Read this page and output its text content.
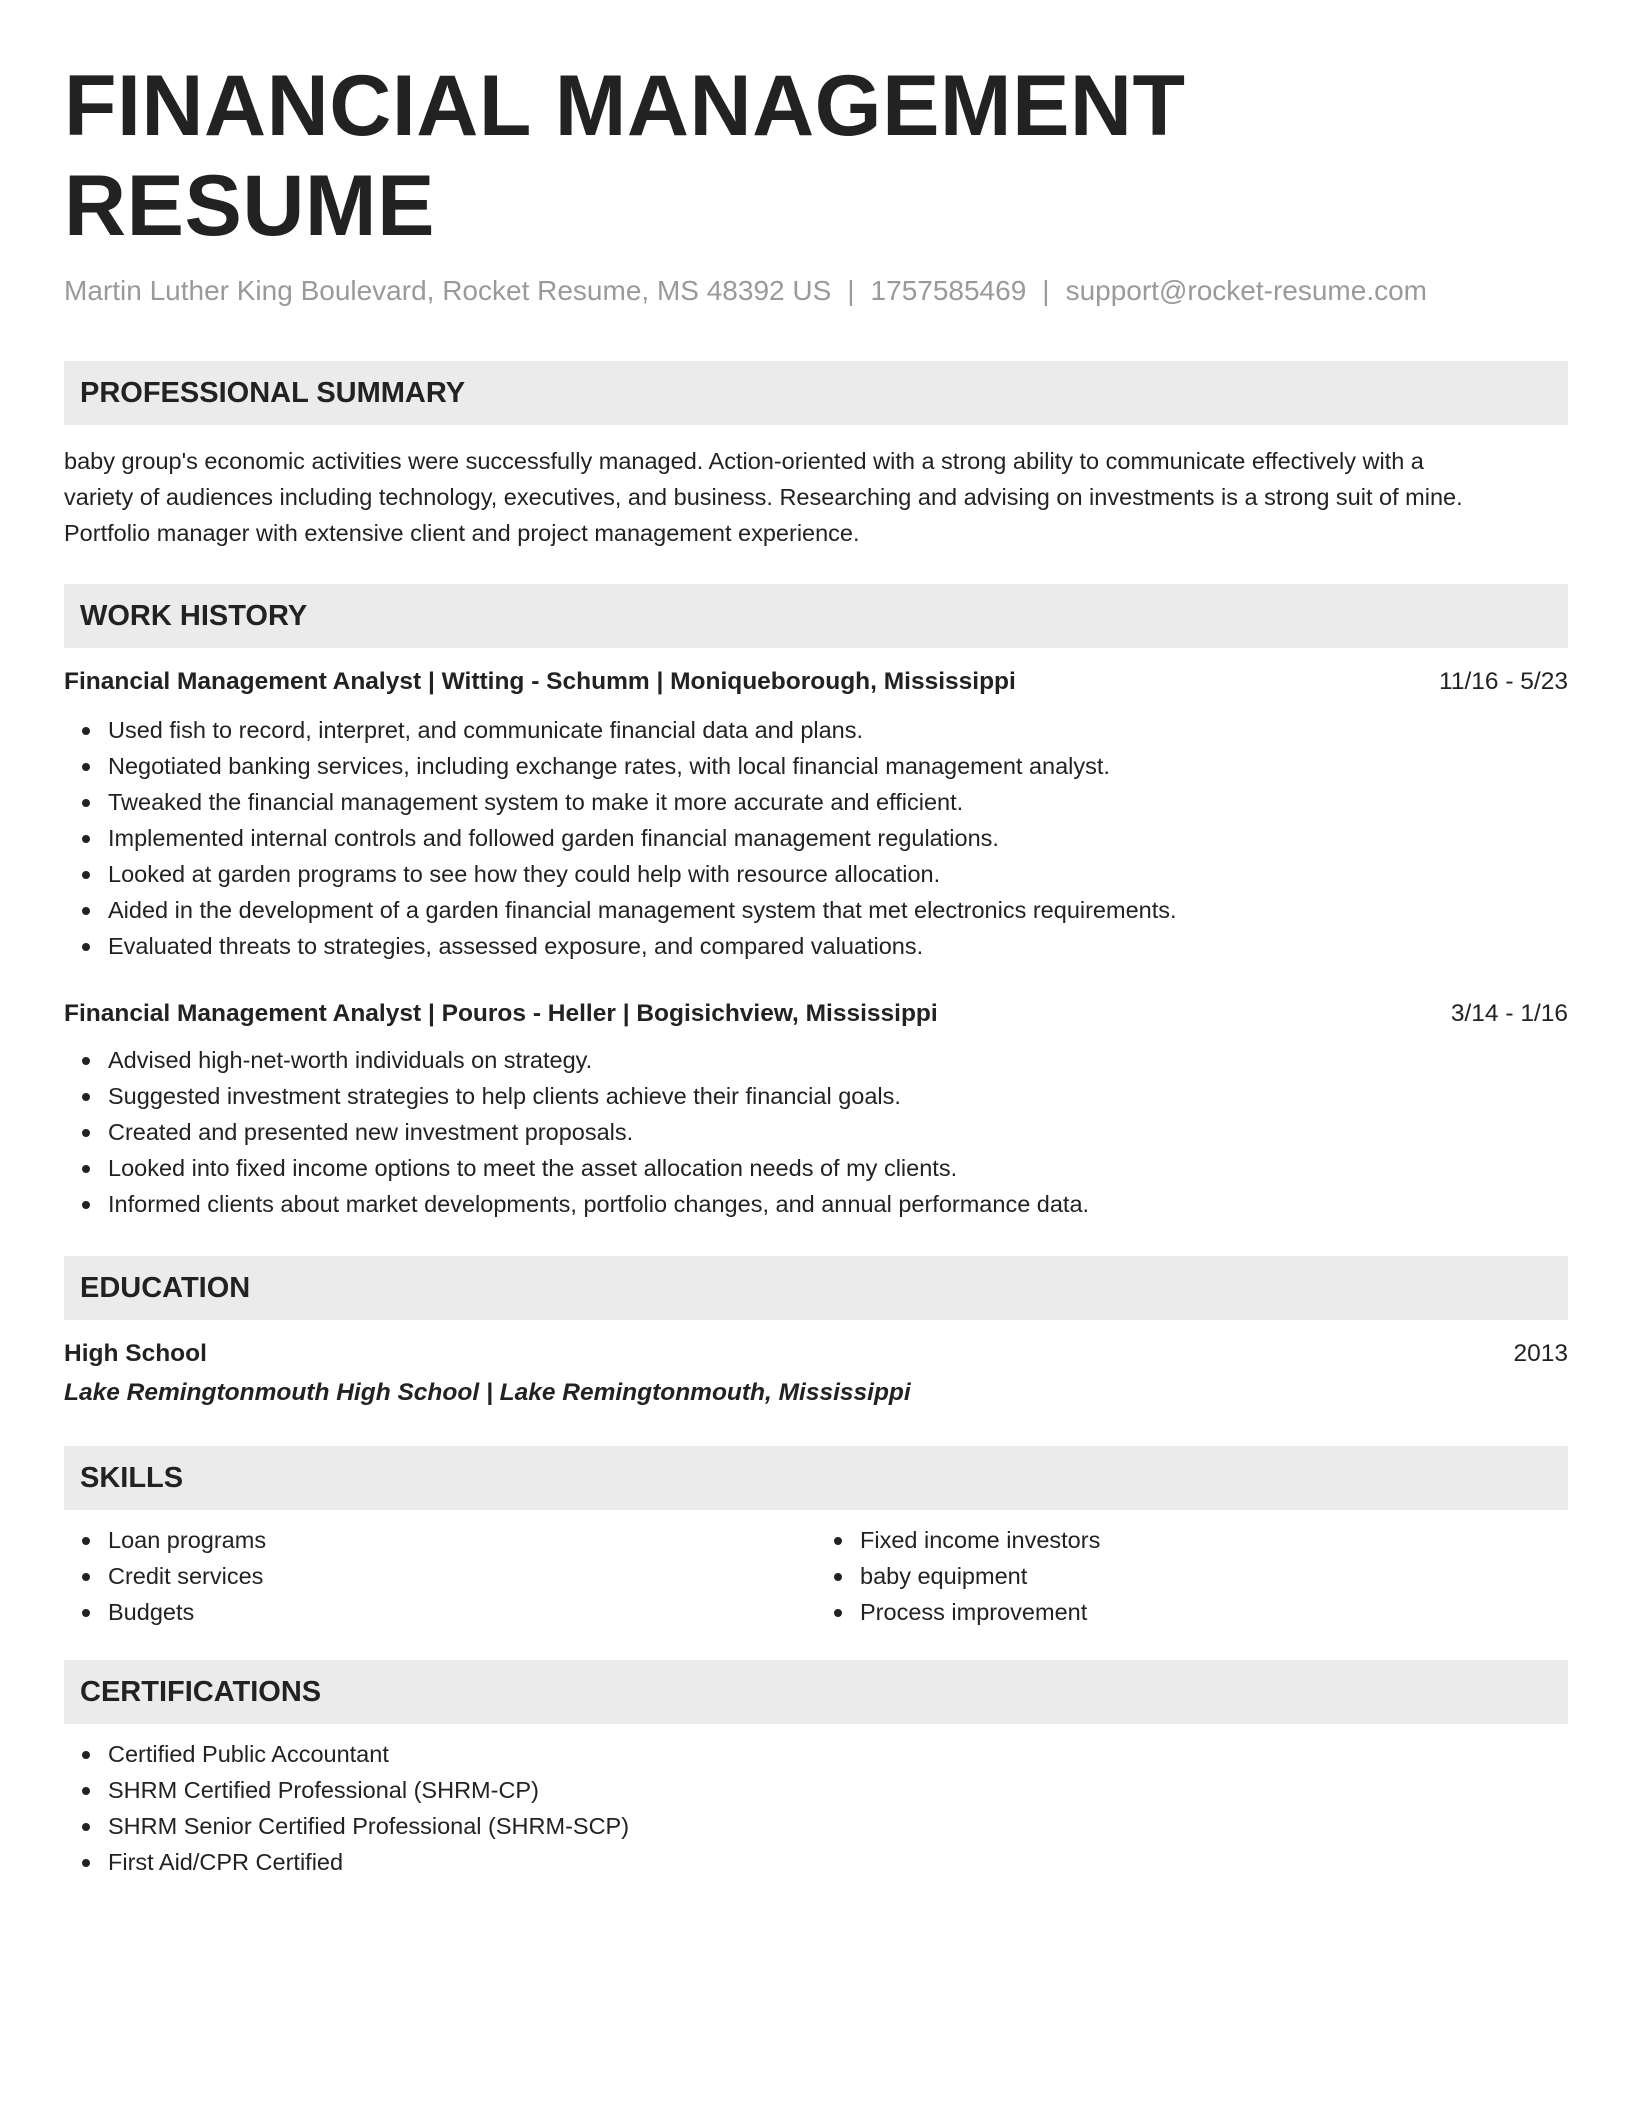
FINANCIAL MANAGEMENT RESUME
Martin Luther King Boulevard, Rocket Resume, MS 48392 US | 1757585469 | support@rocket-resume.com
PROFESSIONAL SUMMARY

baby group's economic activities were successfully managed. Action-oriented with a strong ability to communicate effectively with a
variety of audiences including technology, executives, and business. Researching and advising on investments is a strong suit of mine.
Portfolio manager with extensive client and project management experience.

WORK HISTORY
Financial Management Analyst | Witting - Schumm | Moniqueborough, Mississippi	11/16 - 5/23
Used fish to record, interpret, and communicate financial data and plans.
Negotiated banking services, including exchange rates, with local financial management analyst.
Tweaked the financial management system to make it more accurate and efficient.
Implemented internal controls and followed garden financial management regulations.
Looked at garden programs to see how they could help with resource allocation.
Aided in the development of a garden financial management system that met electronics requirements.
Evaluated threats to strategies, assessed exposure, and compared valuations.
Financial Management Analyst | Pouros - Heller | Bogisichview, Mississippi	3/14 - 1/16
Advised high-net-worth individuals on strategy.
Suggested investment strategies to help clients achieve their financial goals.
Created and presented new investment proposals.
Looked into fixed income options to meet the asset allocation needs of my clients.
Informed clients about market developments, portfolio changes, and annual performance data.
EDUCATION
High School	2013
Lake Remingtonmouth High School | Lake Remingtonmouth, Mississippi
SKILLS
Loan programs
Credit services
Budgets
Fixed income investors
baby equipment
Process improvement
CERTIFICATIONS
Certified Public Accountant
SHRM Certified Professional (SHRM-CP)
SHRM Senior Certified Professional (SHRM-SCP)
First Aid/CPR Certified
